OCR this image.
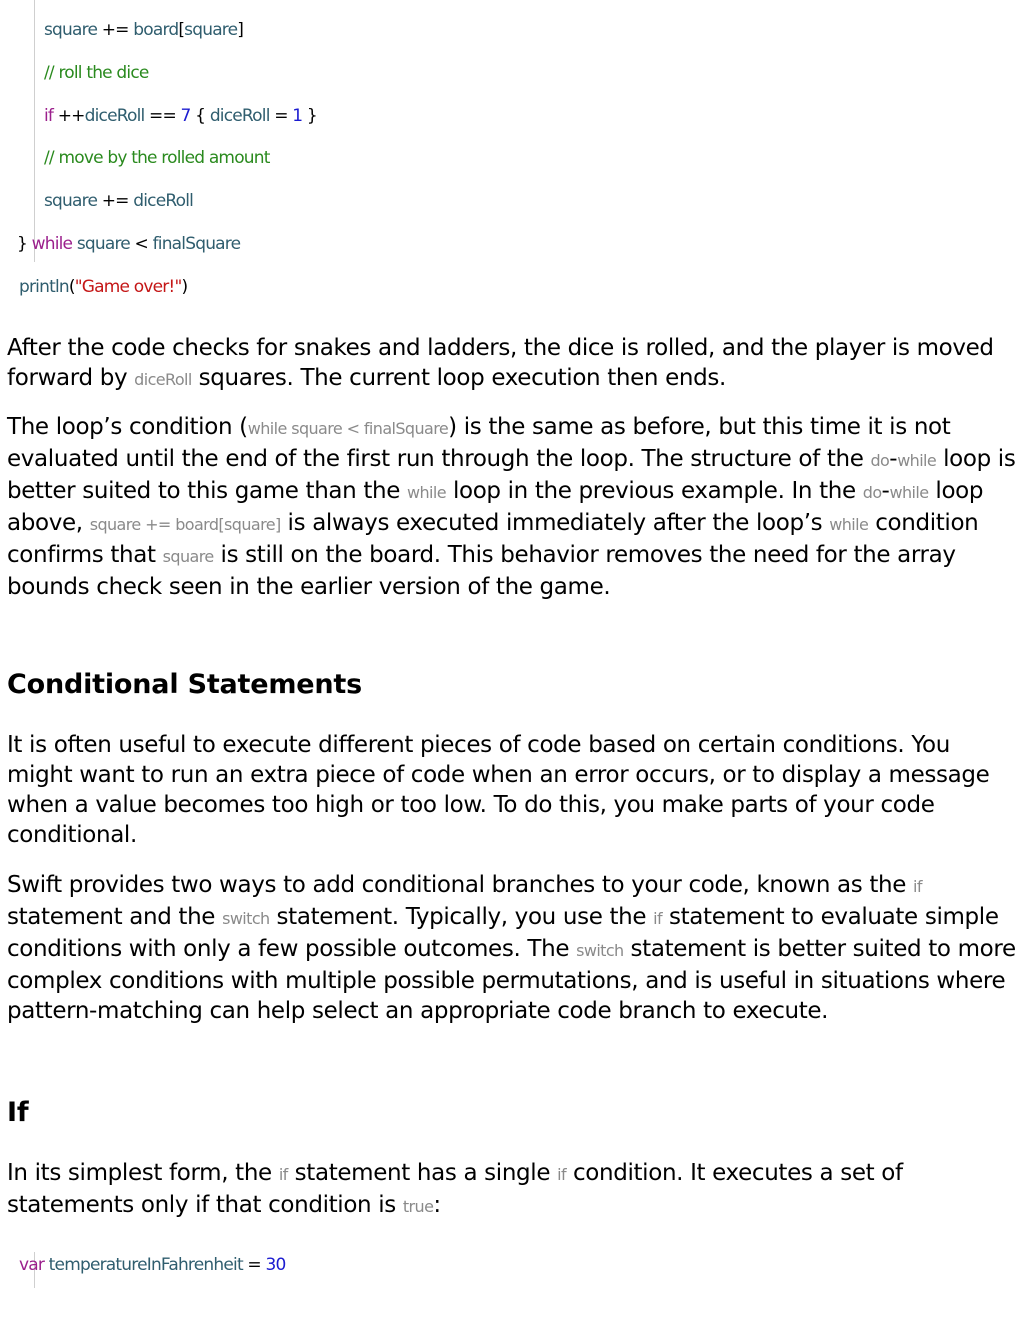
square += board[square]
// roll the dice
if ++diceRoll == 7 { diceRoll = 1 }
// move by the rolled amount
square += diceRoll
} while square < finalSquare
println("Game over!")

After the code checks for snakes and ladders, the dice is rolled, and the player is moved forward by diceRoll squares. The current loop execution then ends.

The loop’s condition (while square < finalSquare) is the same as before, but this time it is not evaluated until the end of the first run through the loop. The structure of the do-while loop is better suited to this game than the while loop in the previous example. In the do-while loop above, square += board[square] is always executed immediately after the loop’s while condition confirms that square is still on the board. This behavior removes the need for the array bounds check seen in the earlier version of the game.

Conditional Statements

It is often useful to execute different pieces of code based on certain conditions. You might want to run an extra piece of code when an error occurs, or to display a message when a value becomes too high or too low. To do this, you make parts of your code conditional.

Swift provides two ways to add conditional branches to your code, known as the if statement and the switch statement. Typically, you use the if statement to evaluate simple conditions with only a few possible outcomes. The switch statement is better suited to more complex conditions with multiple possible permutations, and is useful in situations where pattern-matching can help select an appropriate code branch to execute.

If

In its simplest form, the if statement has a single if condition. It executes a set of statements only if that condition is true:

var temperatureInFahrenheit = 30
